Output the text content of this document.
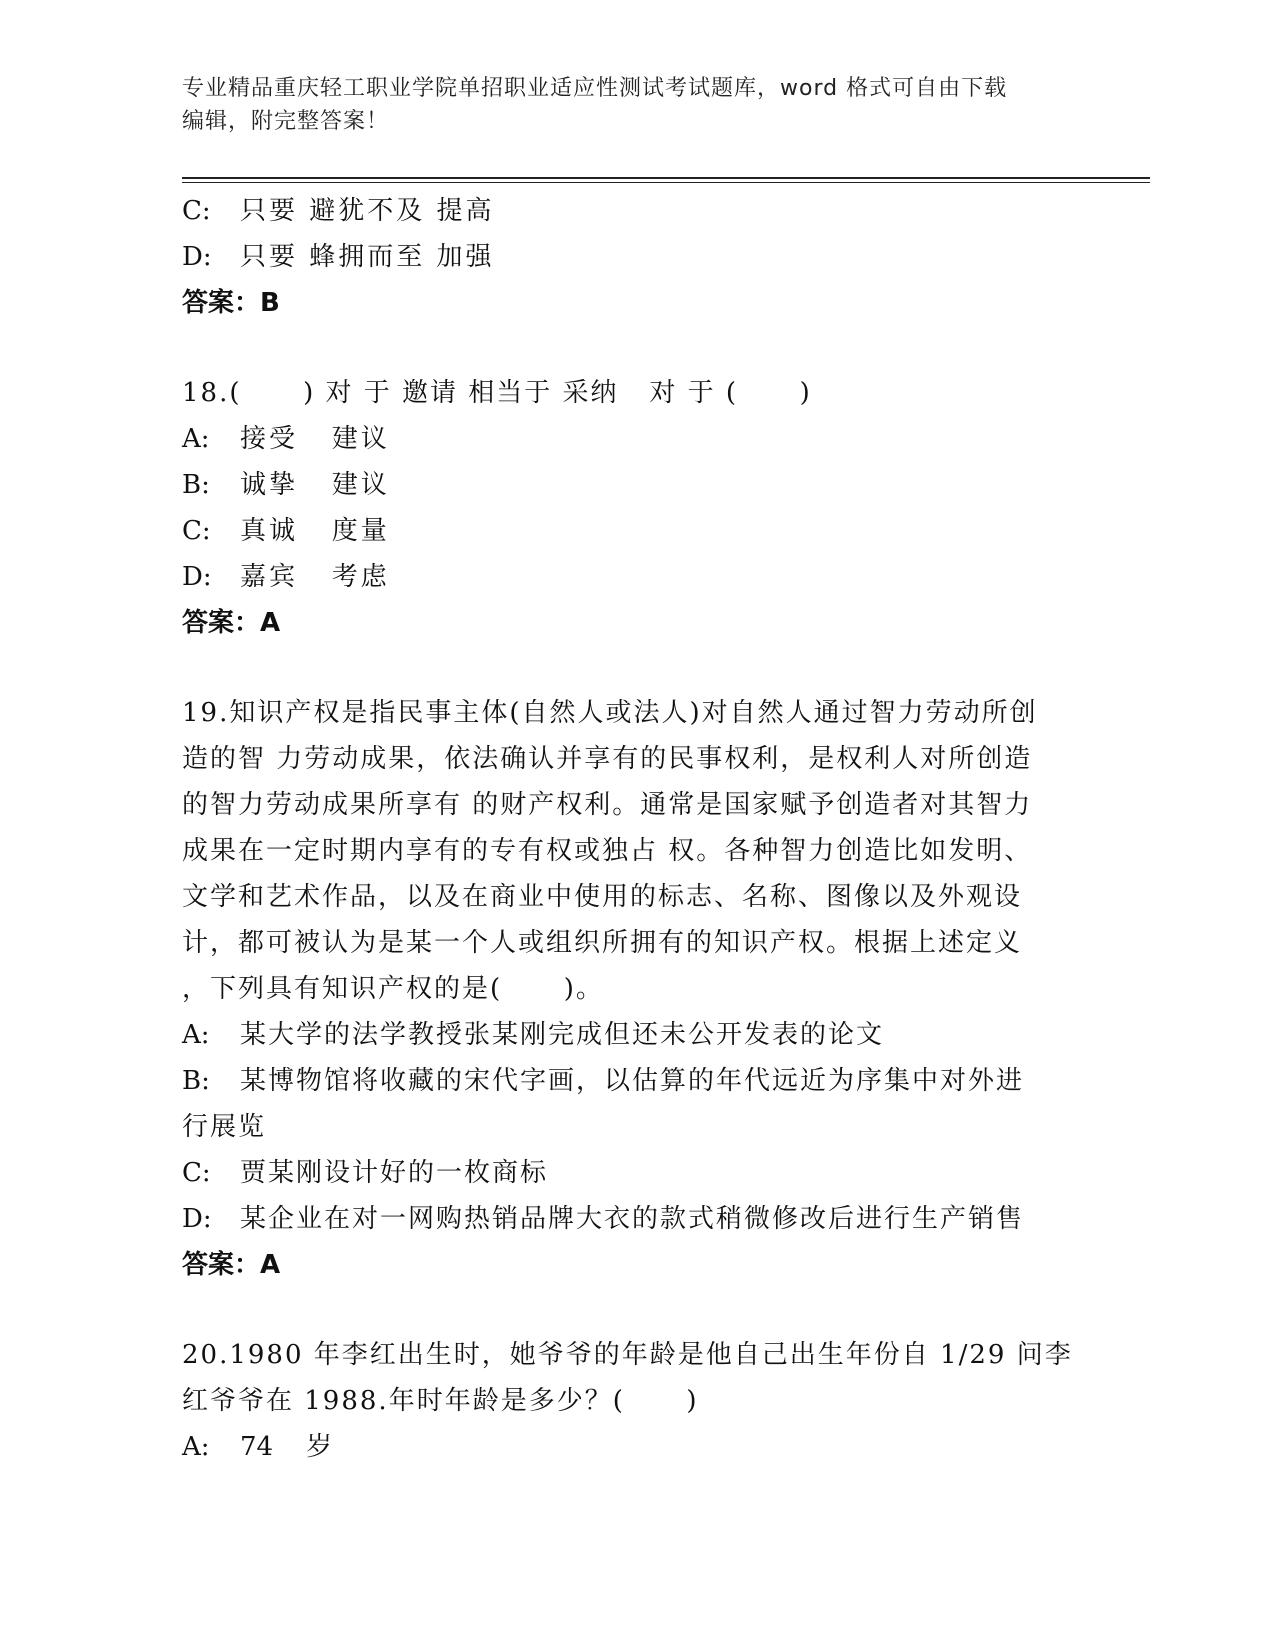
专业精品重庆轻工职业学院单招职业适应性测试考试题库，word 格式可自由下载
编辑，附完整答案！
C: 只要 避犹不及 提高
D: 只要 蜂拥而至 加强
答案：B
18.(      ) 对 于 邀请 相当于 采纳   对 于 (      )
A: 接受   建议
B: 诚挚   建议
C: 真诚   度量
D: 嘉宾   考虑
答案：A
19.知识产权是指民事主体(自然人或法人)对自然人通过智力劳动所创
造的智 力劳动成果，依法确认并享有的民事权利，是权利人对所创造
的智力劳动成果所享有 的财产权利。通常是国家赋予创造者对其智力
成果在一定时期内享有的专有权或独占 权。各种智力创造比如发明、
文学和艺术作品，以及在商业中使用的标志、名称、图像以及外观设
计，都可被认为是某一个人或组织所拥有的知识产权。根据上述定义
，下列具有知识产权的是(      )。
A: 某大学的法学教授张某刚完成但还未公开发表的论文
B: 某博物馆将收藏的宋代字画，以估算的年代远近为序集中对外进
行展览
C: 贾某刚设计好的一枚商标
D: 某企业在对一网购热销品牌大衣的款式稍微修改后进行生产销售
答案：A
20.1980 年李红出生时，她爷爷的年龄是他自己出生年份自 1/29 问李
红爷爷在 1988.年时年龄是多少？(      )
A: 74    岁
